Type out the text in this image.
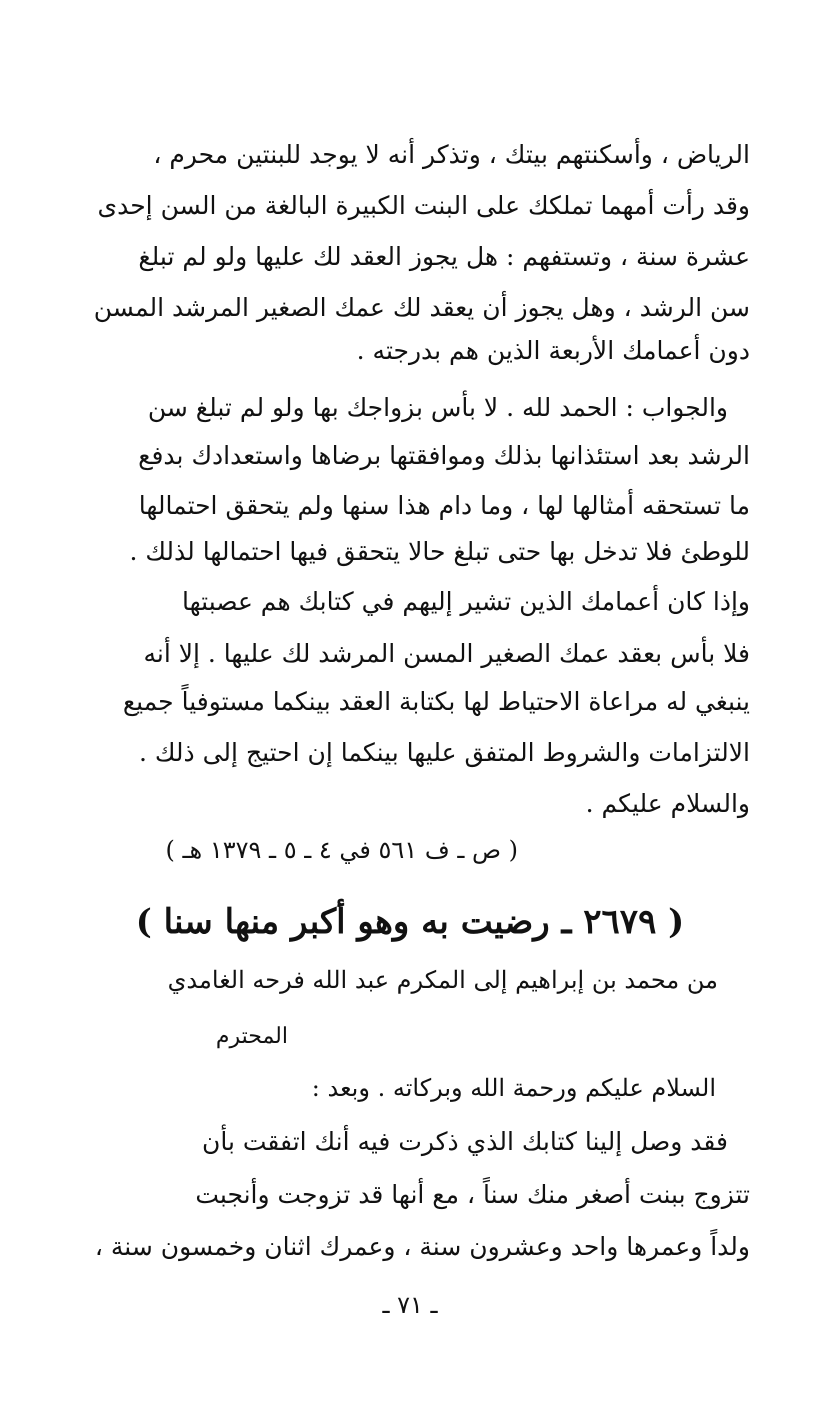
الرياض ، وأسكنتهم بيتك ، وتذكر أنه لا يوجد للبنتين محرم ،
وقد رأت أمهما تملكك على البنت الكبيرة البالغة من السن إحدى
عشرة سنة ، وتستفهم : هل يجوز العقد لك عليها ولو لم تبلغ
سن الرشد ، وهل يجوز أن يعقد لك عمك الصغير المرشد المسن
دون أعمامك الأربعة الذين هم بدرجته .
والجواب : الحمد لله . لا بأس بزواجك بها ولو لم تبلغ سن
الرشد بعد استئذانها بذلك وموافقتها برضاها واستعدادك بدفع
ما تستحقه أمثالها لها ، وما دام هذا سنها ولم يتحقق احتمالها
للوطئ فلا تدخل بها حتى تبلغ حالا يتحقق فيها احتمالها لذلك .
وإذا كان أعمامك الذين تشير إليهم في كتابك هم عصبتها
فلا بأس بعقد عمك الصغير المسن المرشد لك عليها . إلا أنه
ينبغي له مراعاة الاحتياط لها بكتابة العقد بينكما مستوفياً جميع
الالتزامات والشروط المتفق عليها بينكما إن احتيج إلى ذلك .
والسلام عليكم .
( ص ـ ف ٥٦١ في ٤ ـ ٥ ـ ١٣٧٩ هـ )
( ٢٦٧٩ ـ رضيت به وهو أكبر منها سنا )
من محمد بن إبراهيم إلى المكرم عبد الله فرحه الغامدي
المحترم
السلام عليكم ورحمة الله وبركاته . وبعد :
فقد وصل إلينا كتابك الذي ذكرت فيه أنك اتفقت بأن
تتزوج ببنت أصغر منك سناً ، مع أنها قد تزوجت وأنجبت
ولداً وعمرها واحد وعشرون سنة ، وعمرك اثنان وخمسون سنة ،
ـ ٧١ ـ
